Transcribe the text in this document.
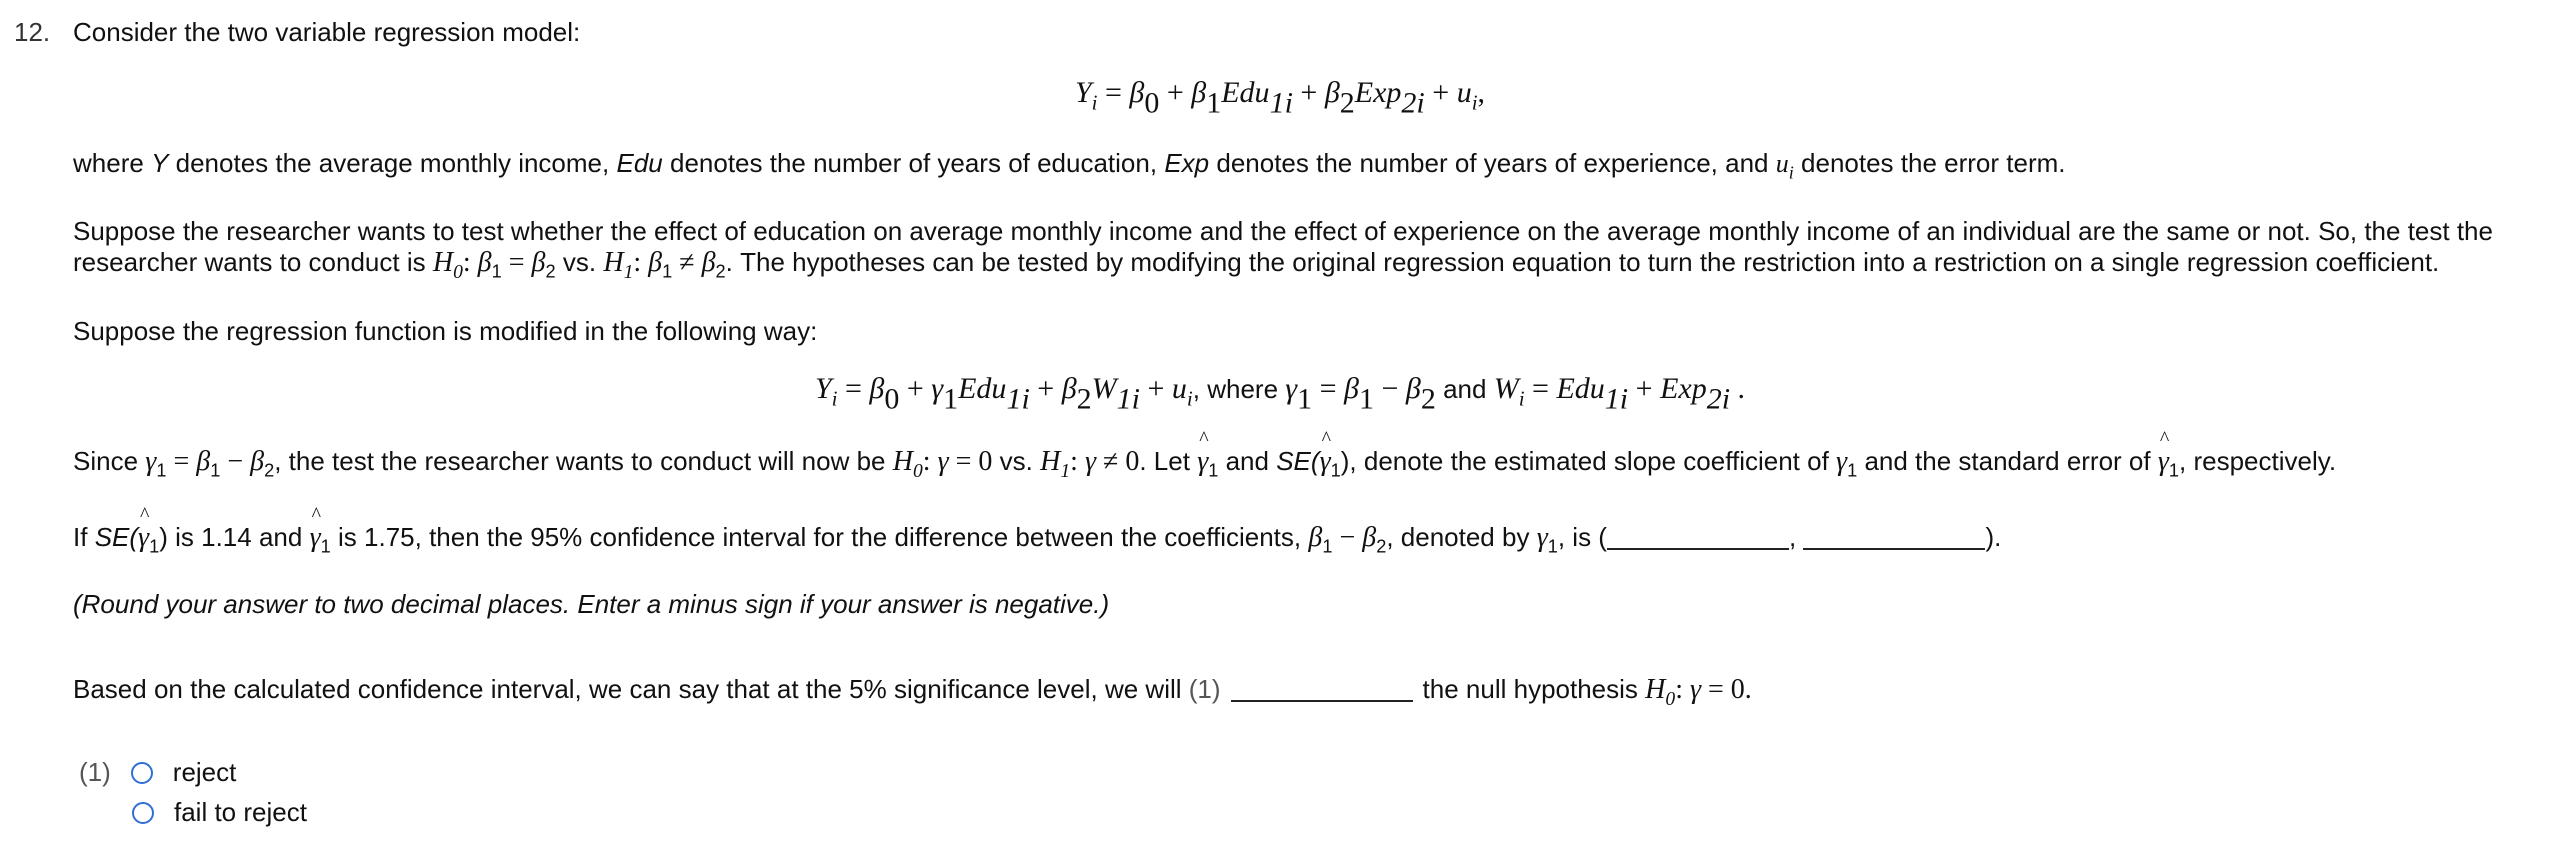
12. Consider the two variable regression model:
$Y_i = \beta_0 + \beta_1Edu_{1i} + \beta_2Exp_{2i} + u_i$,
where Y denotes the average monthly income, Edu denotes the number of years of education, Exp denotes the number of years of experience, and $u_i$ denotes the error term.
Suppose the researcher wants to test whether the effect of education on average monthly income and the effect of experience on the average monthly income of an individual are the same or not. So, the test the
researcher wants to conduct is $H_0$: $\beta_1 = \beta_2$ vs. $H_1$: $\beta_1 \ne \beta_2$. The hypotheses can be tested by modifying the original regression equation to turn the restriction into a restriction on a single regression coefficient.
Suppose the regression function is modified in the following way:
$Y_i = \beta_0 + \gamma_1Edu_{1i} + \beta_2W_{1i} + u_i$, where $\gamma_1 = \beta_1 - \beta_2$ and $W_i = Edu_{1i} + Exp_{2i}$ .
Since $\gamma_1 = \beta_1 - \beta_2$, the test the researcher wants to conduct will now be $H_0$: γ = 0 vs. $H_1$: γ ≠ 0. Let ^ $\gamma_1$ and SE(^ $\gamma_1$), denote the estimated slope coefficient of $\gamma_1$ and the standard error of ^ $\gamma_1$, respectively.
If SE(^ $\gamma_1$) is 1.14 and ^ $\gamma_1$ is 1.75, then the 95% confidence interval for the difference between the coefficients, $\beta_1 - \beta_2$, denoted by $\gamma_1$, is (	,	).
(Round your answer to two decimal places. Enter a minus sign if your answer is negative.)
Based on the calculated confidence interval, we can say that at the 5% significance level, we will (1)	the null hypothesis $H_0$: γ = 0.
(1) reject
fail to reject
